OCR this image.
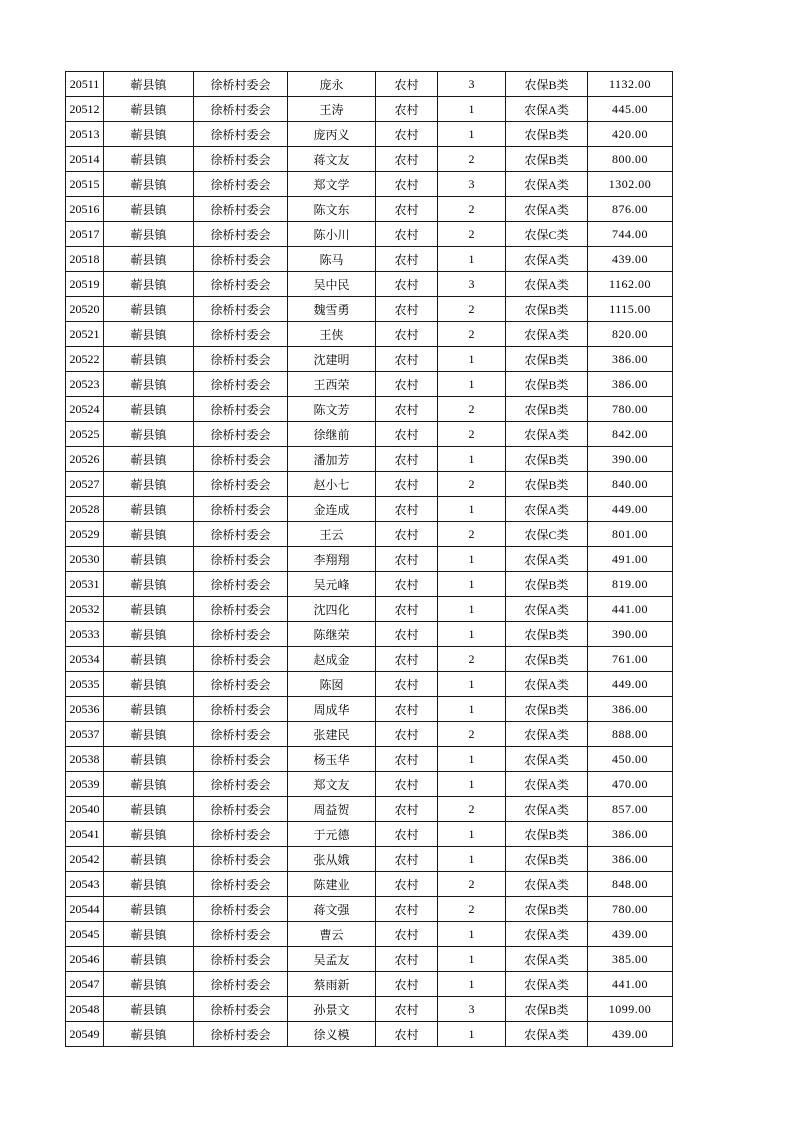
20511	蕲县镇	徐桥村委会	庞永	农村	3	农保B类	1132.00
20512	蕲县镇	徐桥村委会	王涛	农村	1	农保A类	445.00
20513	蕲县镇	徐桥村委会	庞丙义	农村	1	农保B类	420.00
20514	蕲县镇	徐桥村委会	蒋文友	农村	2	农保B类	800.00
20515	蕲县镇	徐桥村委会	郑文学	农村	3	农保A类	1302.00
20516	蕲县镇	徐桥村委会	陈文东	农村	2	农保A类	876.00
20517	蕲县镇	徐桥村委会	陈小川	农村	2	农保C类	744.00
20518	蕲县镇	徐桥村委会	陈马	农村	1	农保A类	439.00
20519	蕲县镇	徐桥村委会	吴中民	农村	3	农保A类	1162.00
20520	蕲县镇	徐桥村委会	魏雪勇	农村	2	农保B类	1115.00
20521	蕲县镇	徐桥村委会	王侠	农村	2	农保A类	820.00
20522	蕲县镇	徐桥村委会	沈建明	农村	1	农保B类	386.00
20523	蕲县镇	徐桥村委会	王西荣	农村	1	农保B类	386.00
20524	蕲县镇	徐桥村委会	陈文芳	农村	2	农保B类	780.00
20525	蕲县镇	徐桥村委会	徐继前	农村	2	农保A类	842.00
20526	蕲县镇	徐桥村委会	潘加芳	农村	1	农保B类	390.00
20527	蕲县镇	徐桥村委会	赵小七	农村	2	农保B类	840.00
20528	蕲县镇	徐桥村委会	金连成	农村	1	农保A类	449.00
20529	蕲县镇	徐桥村委会	王云	农村	2	农保C类	801.00
20530	蕲县镇	徐桥村委会	李翔翔	农村	1	农保A类	491.00
20531	蕲县镇	徐桥村委会	吴元峰	农村	1	农保B类	819.00
20532	蕲县镇	徐桥村委会	沈四化	农村	1	农保A类	441.00
20533	蕲县镇	徐桥村委会	陈继荣	农村	1	农保B类	390.00
20534	蕲县镇	徐桥村委会	赵成金	农村	2	农保B类	761.00
20535	蕲县镇	徐桥村委会	陈囡	农村	1	农保A类	449.00
20536	蕲县镇	徐桥村委会	周成华	农村	1	农保B类	386.00
20537	蕲县镇	徐桥村委会	张建民	农村	2	农保A类	888.00
20538	蕲县镇	徐桥村委会	杨玉华	农村	1	农保A类	450.00
20539	蕲县镇	徐桥村委会	郑文友	农村	1	农保A类	470.00
20540	蕲县镇	徐桥村委会	周益贺	农村	2	农保A类	857.00
20541	蕲县镇	徐桥村委会	于元德	农村	1	农保B类	386.00
20542	蕲县镇	徐桥村委会	张从娥	农村	1	农保B类	386.00
20543	蕲县镇	徐桥村委会	陈建业	农村	2	农保A类	848.00
20544	蕲县镇	徐桥村委会	蒋文强	农村	2	农保B类	780.00
20545	蕲县镇	徐桥村委会	曹云	农村	1	农保A类	439.00
20546	蕲县镇	徐桥村委会	吴孟友	农村	1	农保A类	385.00
20547	蕲县镇	徐桥村委会	蔡雨新	农村	1	农保A类	441.00
20548	蕲县镇	徐桥村委会	孙景文	农村	3	农保B类	1099.00
20549	蕲县镇	徐桥村委会	徐义模	农村	1	农保A类	439.00
